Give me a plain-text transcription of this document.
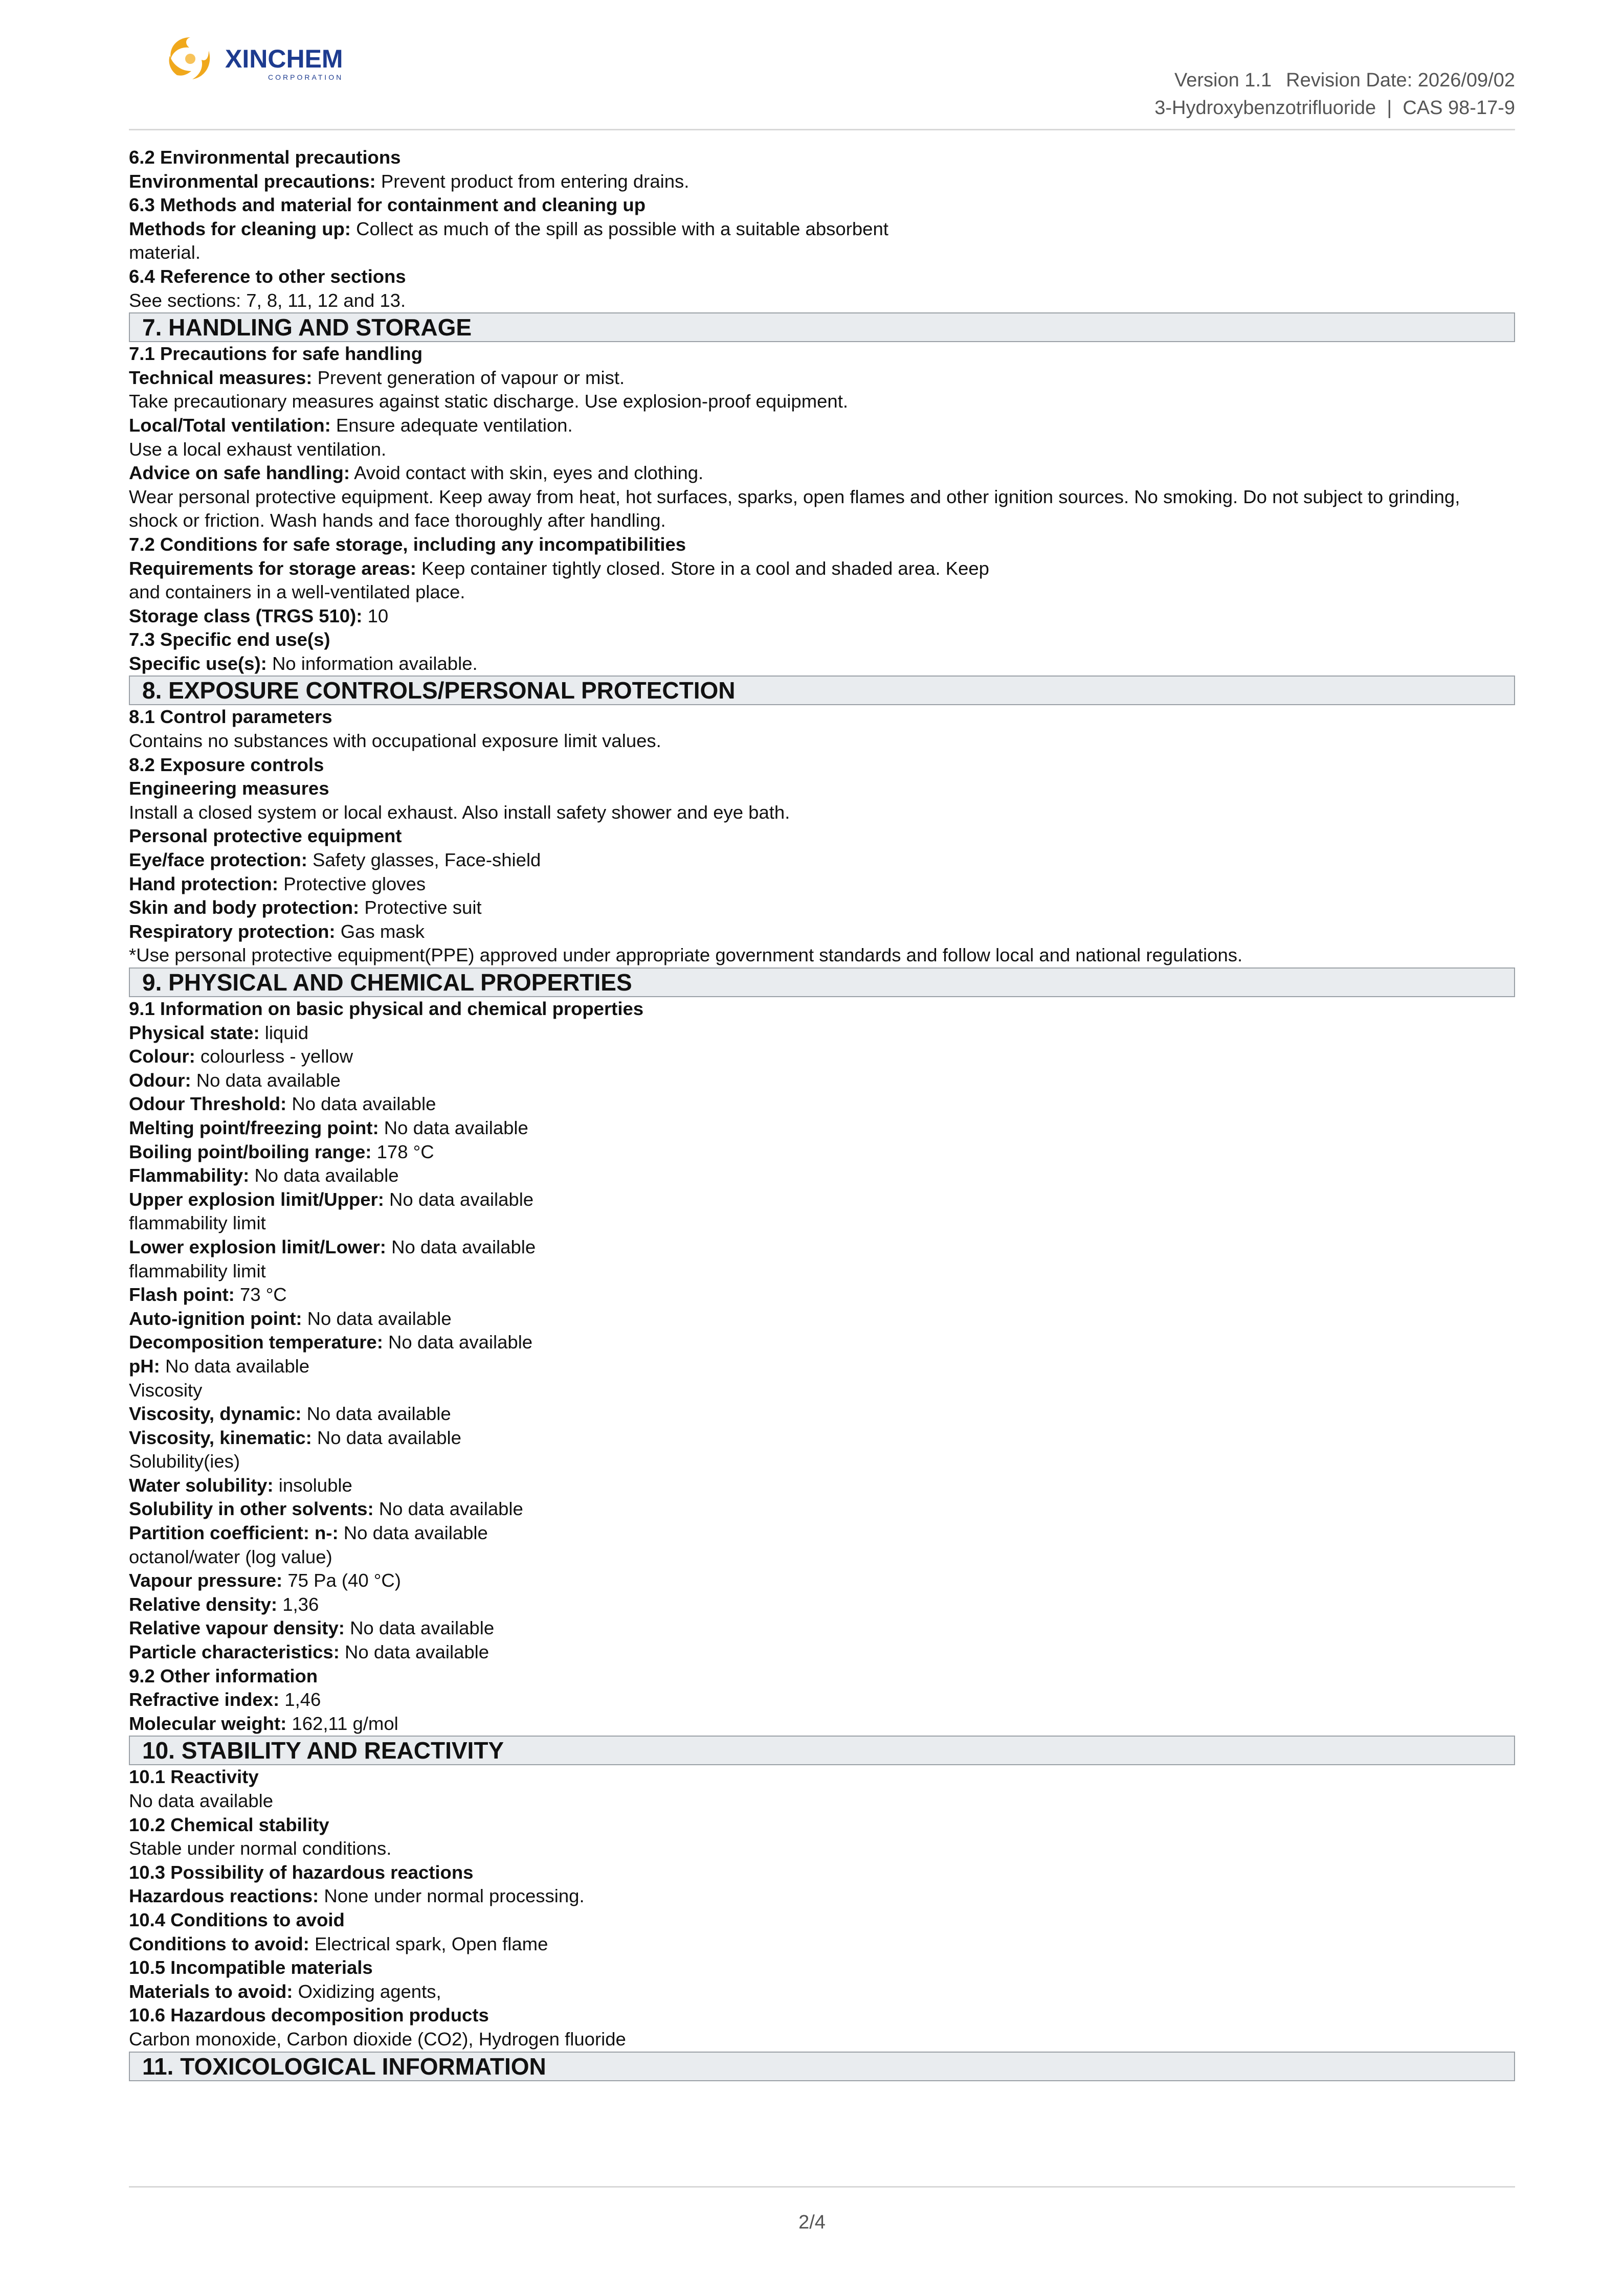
XINCHEM
CORPORATION	Version 1.1 Revision Date: 2026/09/02
3-Hydroxybenzotrifluoride | CAS 98-17-9

6.2 Environmental precautions

Environmental precautions: Prevent product from entering drains.

6.3 Methods and material for containment and cleaning up

Methods for cleaning up: Collect as much of the spill as possible with a suitable absorbent

material.

6.4 Reference to other sections

See sections: 7, 8, 11, 12 and 13.

7. HANDLING AND STORAGE

7.1 Precautions for safe handling

Technical measures: Prevent generation of vapour or mist.

Take precautionary measures against static discharge. Use explosion-proof equipment.

Local/Total ventilation: Ensure adequate ventilation.

Use a local exhaust ventilation.

Advice on safe handling: Avoid contact with skin, eyes and clothing.

Wear personal protective equipment. Keep away from heat, hot surfaces, sparks, open flames and other ignition sources. No smoking. Do not subject to grinding,

shock or friction. Wash hands and face thoroughly after handling.

7.2 Conditions for safe storage, including any incompatibilities

Requirements for storage areas: Keep container tightly closed. Store in a cool and shaded area. Keep

and containers in a well-ventilated place.

Storage class (TRGS 510): 10

7.3 Specific end use(s)

Specific use(s): No information available.

8. EXPOSURE CONTROLS/PERSONAL PROTECTION

8.1 Control parameters

Contains no substances with occupational exposure limit values.

8.2 Exposure controls

Engineering measures

Install a closed system or local exhaust. Also install safety shower and eye bath.

Personal protective equipment

Eye/face protection: Safety glasses, Face-shield

Hand protection: Protective gloves

Skin and body protection: Protective suit

Respiratory protection: Gas mask

*Use personal protective equipment(PPE) approved under appropriate government standards and follow local and national regulations.

9. PHYSICAL AND CHEMICAL PROPERTIES

9.1 Information on basic physical and chemical properties

Physical state: liquid

Colour: colourless - yellow

Odour: No data available

Odour Threshold: No data available

Melting point/freezing point: No data available

Boiling point/boiling range: 178 °C

Flammability: No data available

Upper explosion limit/Upper: No data available

flammability limit

Lower explosion limit/Lower: No data available

flammability limit

Flash point: 73 °C

Auto-ignition point: No data available

Decomposition temperature: No data available

pH: No data available

Viscosity

Viscosity, dynamic: No data available

Viscosity, kinematic: No data available

Solubility(ies)

Water solubility: insoluble

Solubility in other solvents: No data available

Partition coefficient: n-: No data available

octanol/water (log value)

Vapour pressure: 75 Pa (40 °C)

Relative density: 1,36

Relative vapour density: No data available

Particle characteristics: No data available

9.2 Other information

Refractive index: 1,46

Molecular weight: 162,11 g/mol

10. STABILITY AND REACTIVITY

10.1 Reactivity

No data available

10.2 Chemical stability

Stable under normal conditions.

10.3 Possibility of hazardous reactions

Hazardous reactions: None under normal processing.

10.4 Conditions to avoid

Conditions to avoid: Electrical spark, Open flame

10.5 Incompatible materials

Materials to avoid: Oxidizing agents,

10.6 Hazardous decomposition products

Carbon monoxide, Carbon dioxide (CO2), Hydrogen fluoride

11. TOXICOLOGICAL INFORMATION
2/4
